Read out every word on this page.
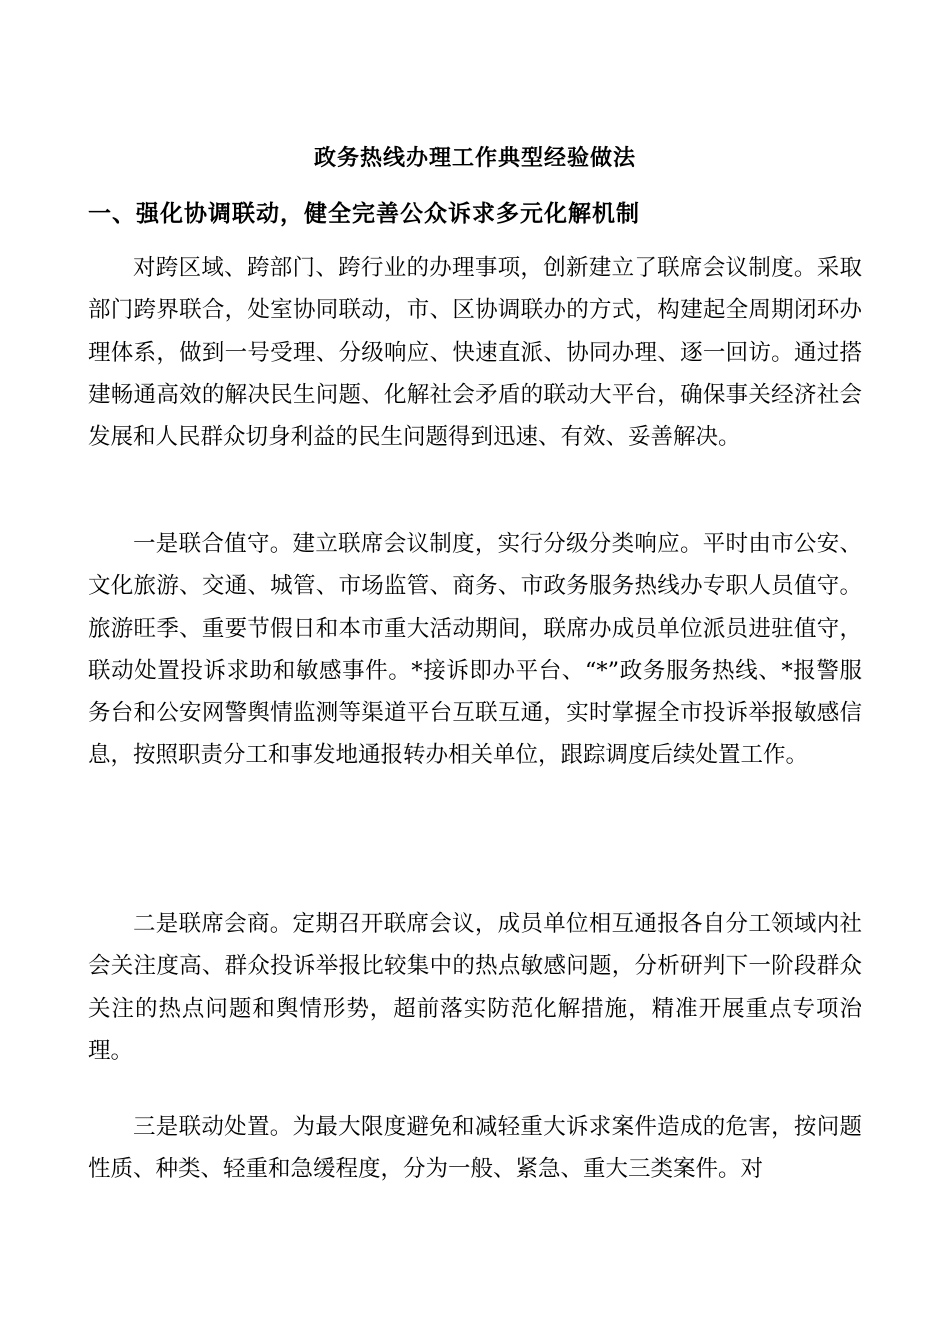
政务热线办理工作典型经验做法
一、强化协调联动，健全完善公众诉求多元化解机制

对跨区域、跨部门、跨行业的办理事项，创新建立了联席会议制度。采取部门跨界联合，处室协同联动，市、区协调联办的方式，构建起全周期闭环办理体系，做到一号受理、分级响应、快速直派、协同办理、逐一回访。通过搭建畅通高效的解决民生问题、化解社会矛盾的联动大平台，确保事关经济社会发展和人民群众切身利益的民生问题得到迅速、有效、妥善解决。

一是联合值守。建立联席会议制度，实行分级分类响应。平时由市公安、文化旅游、交通、城管、市场监管、商务、市政务服务热线办专职人员值守。旅游旺季、重要节假日和本市重大活动期间，联席办成员单位派员进驻值守，联动处置投诉求助和敏感事件。*接诉即办平台、“*”政务服务热线、*报警服务台和公安网警舆情监测等渠道平台互联互通，实时掌握全市投诉举报敏感信息，按照职责分工和事发地通报转办相关单位，跟踪调度后续处置工作。

二是联席会商。定期召开联席会议，成员单位相互通报各自分工领域内社会关注度高、群众投诉举报比较集中的热点敏感问题，分析研判下一阶段群众关注的热点问题和舆情形势，超前落实防范化解措施，精准开展重点专项治理。

三是联动处置。为最大限度避免和减轻重大诉求案件造成的危害，按问题性质、种类、轻重和急缓程度，分为一般、紧急、重大三类案件。对
